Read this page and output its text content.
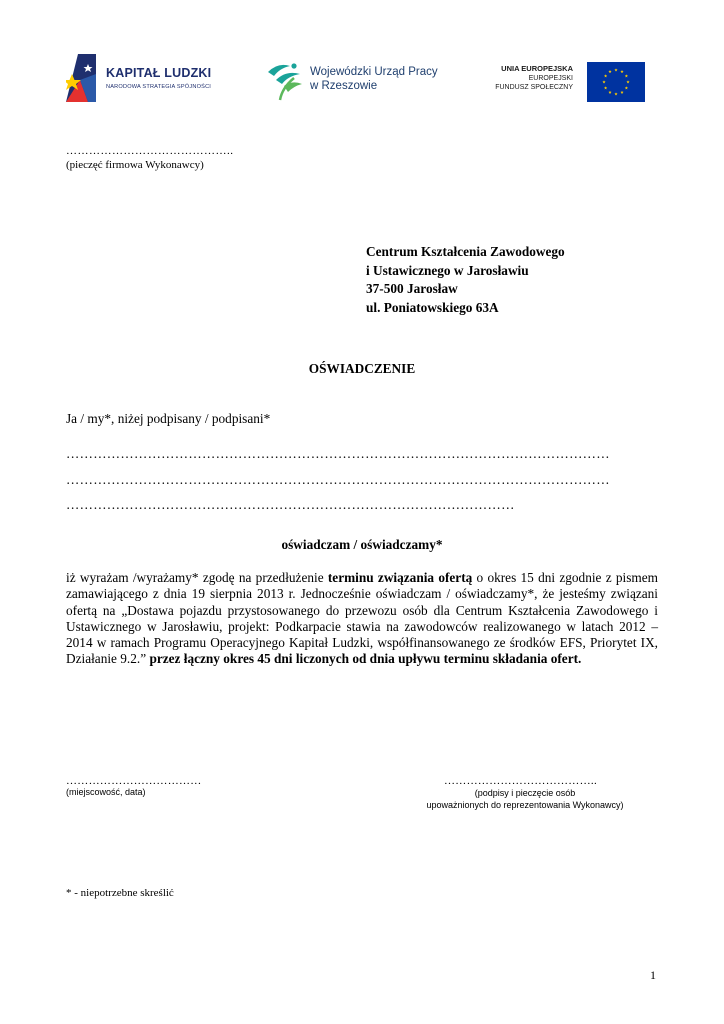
KAPITAŁ LUDZKI
NARODOWA STRATEGIA SPÓJNOŚCI
Wojewódzki Urząd Pracy
w Rzeszowie
UNIA EUROPEJSKA
EUROPEJSKI
FUNDUSZ SPOŁECZNY
……………………………………..
(pieczęć firmowa Wykonawcy)
Centrum Kształcenia Zawodowego
i Ustawicznego w Jarosławiu
37-500 Jarosław
ul. Poniatowskiego 63A
OŚWIADCZENIE
Ja / my*, niżej podpisany / podpisani*
…………………………………………………………………………………………………………
…………………………………………………………………………………………………………
………………………………………………………………………………………
oświadczam / oświadczamy*
iż wyrażam /wyrażamy* zgodę na przedłużenie terminu związania ofertą o okres 15 dni zgodnie z pismem zamawiającego z dnia 19 sierpnia 2013 r. Jednocześnie oświadczam / oświadczamy*, że jesteśmy związani ofertą na „Dostawa pojazdu przystosowanego do przewozu osób dla Centrum Kształcenia Zawodowego i Ustawicznego w Jarosławiu, projekt: Podkarpacie stawia na zawodowców realizowanego w latach 2012 – 2014 w ramach Programu Operacyjnego Kapitał Ludzki, współfinansowanego ze środków EFS, Priorytet IX, Działanie 9.2.” przez łączny okres 45 dni liczonych od dnia upływu terminu składania ofert.
………………………………
(miejscowość, data)
…………………………………..
(podpisy i pieczęcie osób
upoważnionych do reprezentowania Wykonawcy)
* - niepotrzebne skreślić
1
